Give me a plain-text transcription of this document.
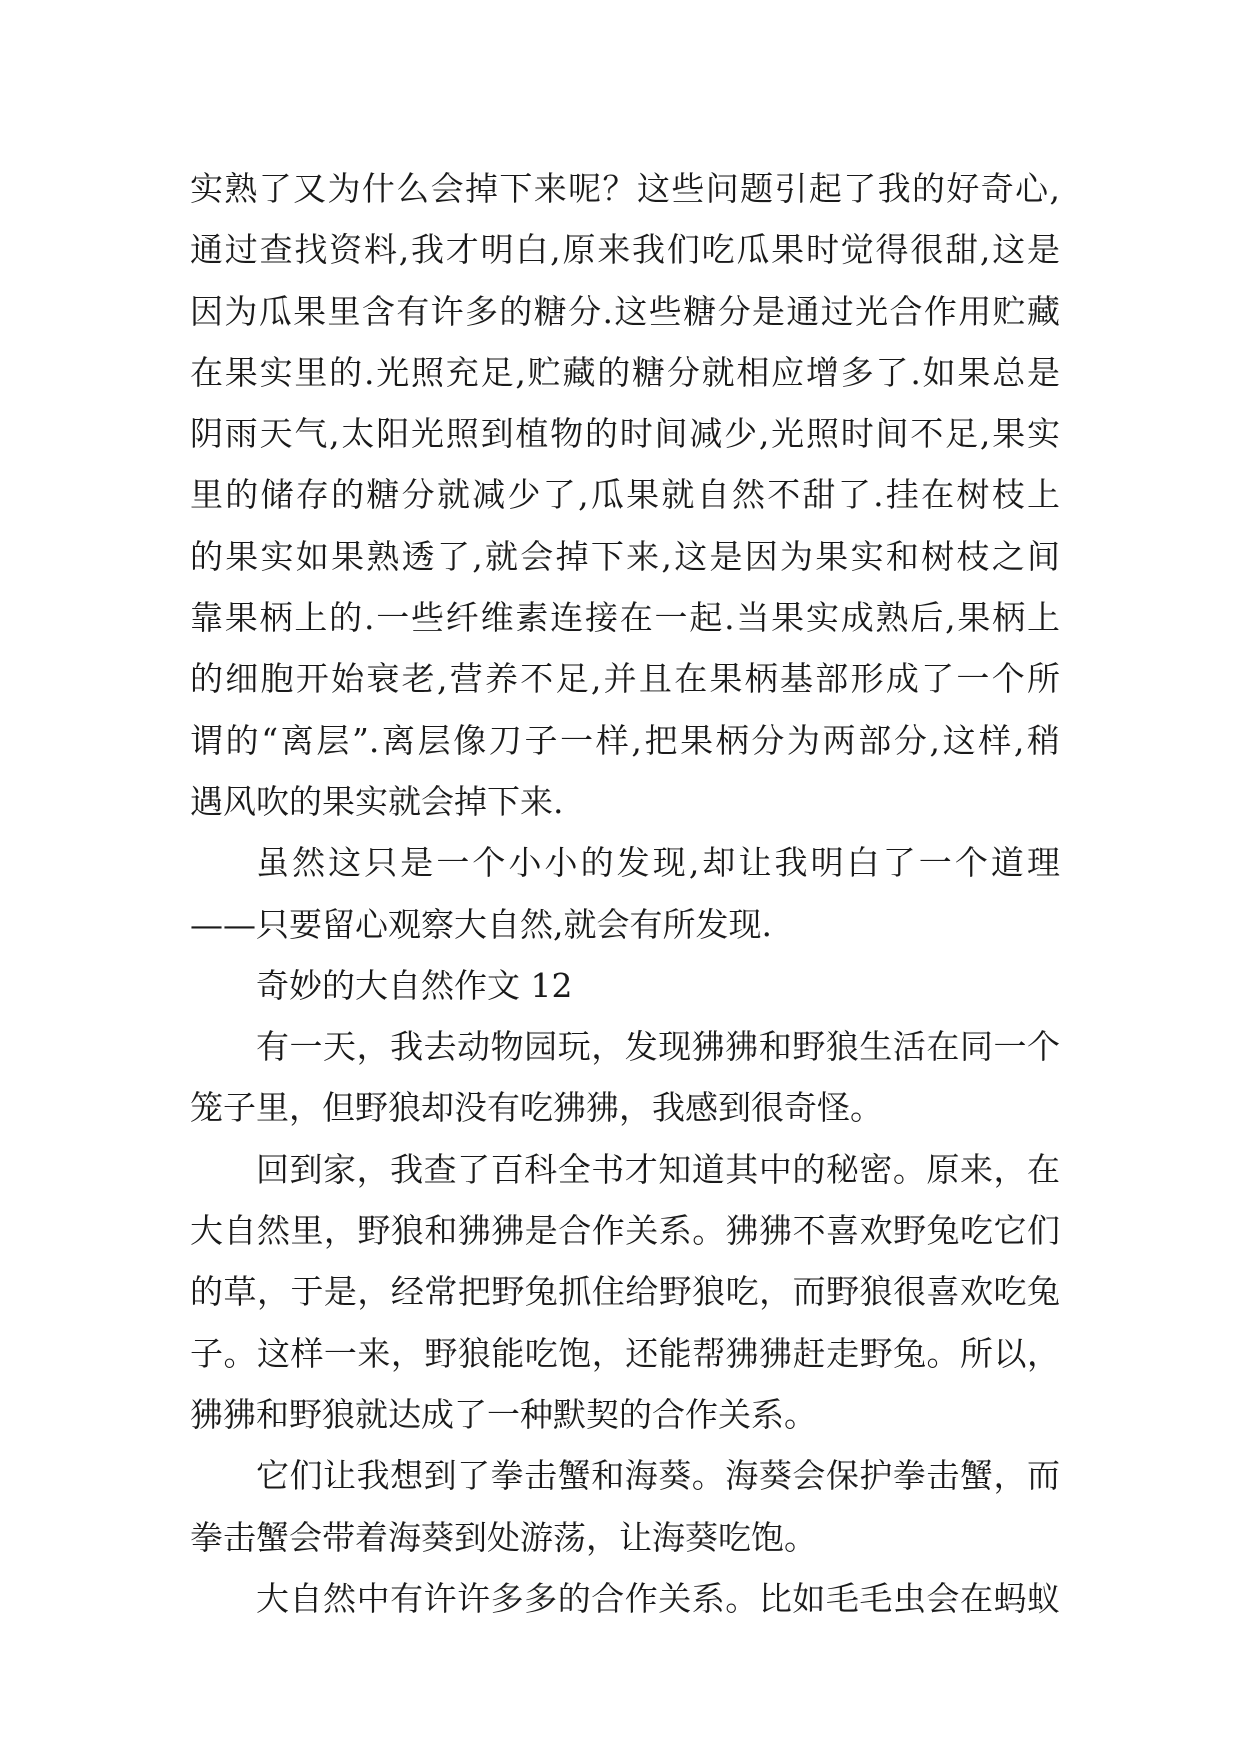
实熟了又为什么会掉下来呢？这些问题引起了我的好奇心,
通过查找资料,我才明白,原来我们吃瓜果时觉得很甜,这是
因为瓜果里含有许多的糖分.这些糖分是通过光合作用贮藏
在果实里的.光照充足,贮藏的糖分就相应增多了.如果总是
阴雨天气,太阳光照到植物的时间减少,光照时间不足,果实
里的储存的糖分就减少了,瓜果就自然不甜了.挂在树枝上
的果实如果熟透了,就会掉下来,这是因为果实和树枝之间
靠果柄上的.一些纤维素连接在一起.当果实成熟后,果柄上
的细胞开始衰老,营养不足,并且在果柄基部形成了一个所
谓的“离层”.离层像刀子一样,把果柄分为两部分,这样,稍
遇风吹的果实就会掉下来.
虽然这只是一个小小的发现,却让我明白了一个道理
——只要留心观察大自然,就会有所发现.
奇妙的大自然作文 12
有一天，我去动物园玩，发现狒狒和野狼生活在同一个
笼子里，但野狼却没有吃狒狒，我感到很奇怪。
回到家，我查了百科全书才知道其中的秘密。原来，在
大自然里，野狼和狒狒是合作关系。狒狒不喜欢野兔吃它们
的草，于是，经常把野兔抓住给野狼吃，而野狼很喜欢吃兔
子。这样一来，野狼能吃饱，还能帮狒狒赶走野兔。所以，
狒狒和野狼就达成了一种默契的合作关系。
它们让我想到了拳击蟹和海葵。海葵会保护拳击蟹，而
拳击蟹会带着海葵到处游荡，让海葵吃饱。
大自然中有许许多多的合作关系。比如毛毛虫会在蚂蚁
